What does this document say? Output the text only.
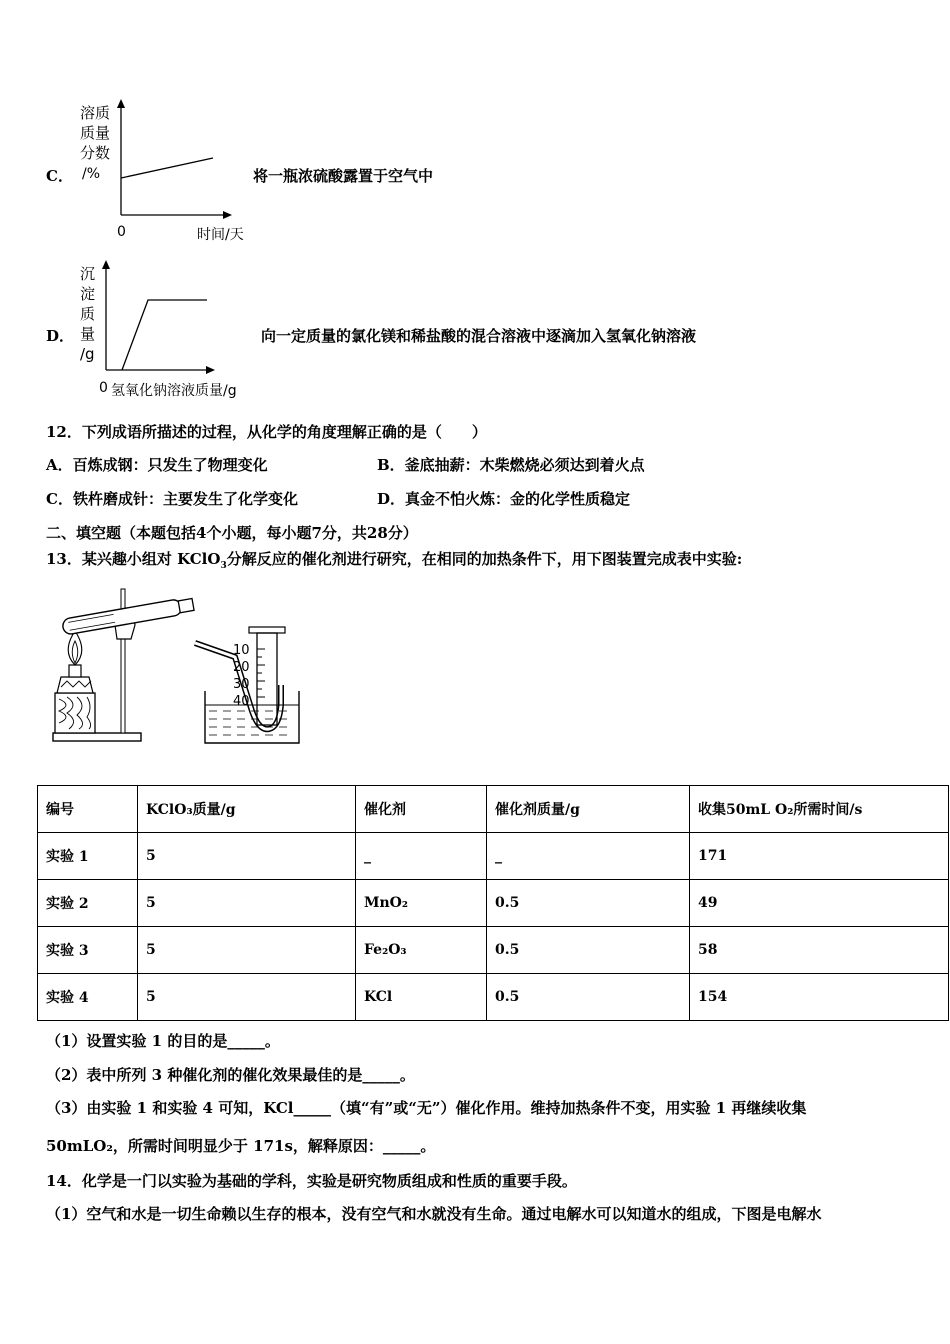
C．
溶质
质量
分数
/%
0	时间/天
将一瓶浓硫酸露置于空气中
D．
沉
淀
质
量
/g
0 氢氧化钠溶液质量/g
向一定质量的氯化镁和稀盐酸的混合溶液中逐滴加入氢氧化钠溶液
12．下列成语所描述的过程，从化学的角度理解正确的是（　　）
A．百炼成钢：只发生了物理变化	B．釜底抽薪：木柴燃烧必须达到着火点
C．铁杵磨成针：主要发生了化学变化	D．真金不怕火炼：金的化学性质稳定
二、填空题（本题包括4个小题，每小题7分，共28分）
13．某兴趣小组对 KClO$_3$分解反应的催化剂进行研究，在相同的加热条件下，用下图装置完成表中实验:
10
20
30
40
编号	KClO₃质量/g	催化剂	催化剂质量/g	收集50mL O₂所需时间/s
实验 1	5	_	_	171
实验 2	5	MnO₂	0.5	49
实验 3	5	Fe₂O₃	0.5	58
实验 4	5	KCl	0.5	154
（1）设置实验 1 的目的是_____。
（2）表中所列 3 种催化剂的催化效果最佳的是_____。
（3）由实验 1 和实验 4 可知，KCl_____（填“有”或“无”）催化作用。维持加热条件不变，用实验 1 再继续收集
50mLO₂，所需时间明显少于 171s，解释原因：_____。
14．化学是一门以实验为基础的学科，实验是研究物质组成和性质的重要手段。
（1）空气和水是一切生命赖以生存的根本，没有空气和水就没有生命。通过电解水可以知道水的组成，下图是电解水
